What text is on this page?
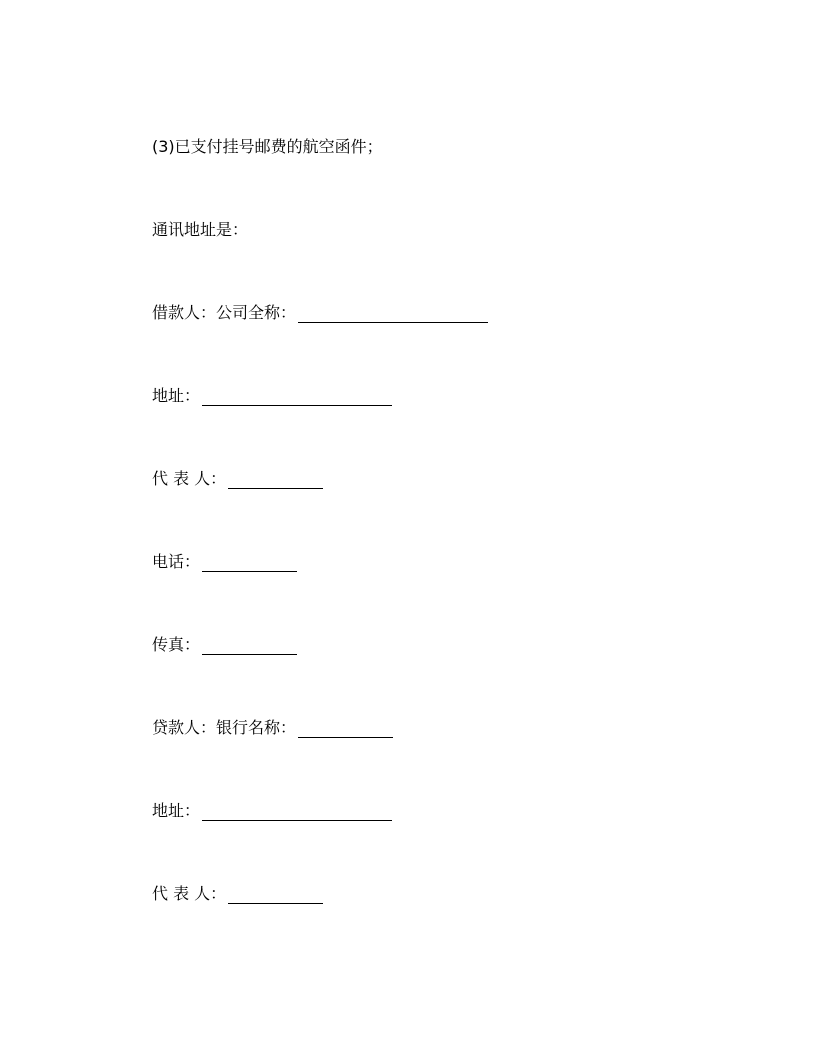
(3)已支付挂号邮费的航空函件；
通讯地址是：
借款人：公司全称：
地址：
代 表 人：
电话：
传真：
贷款人：银行名称：
地址：
代 表 人：
